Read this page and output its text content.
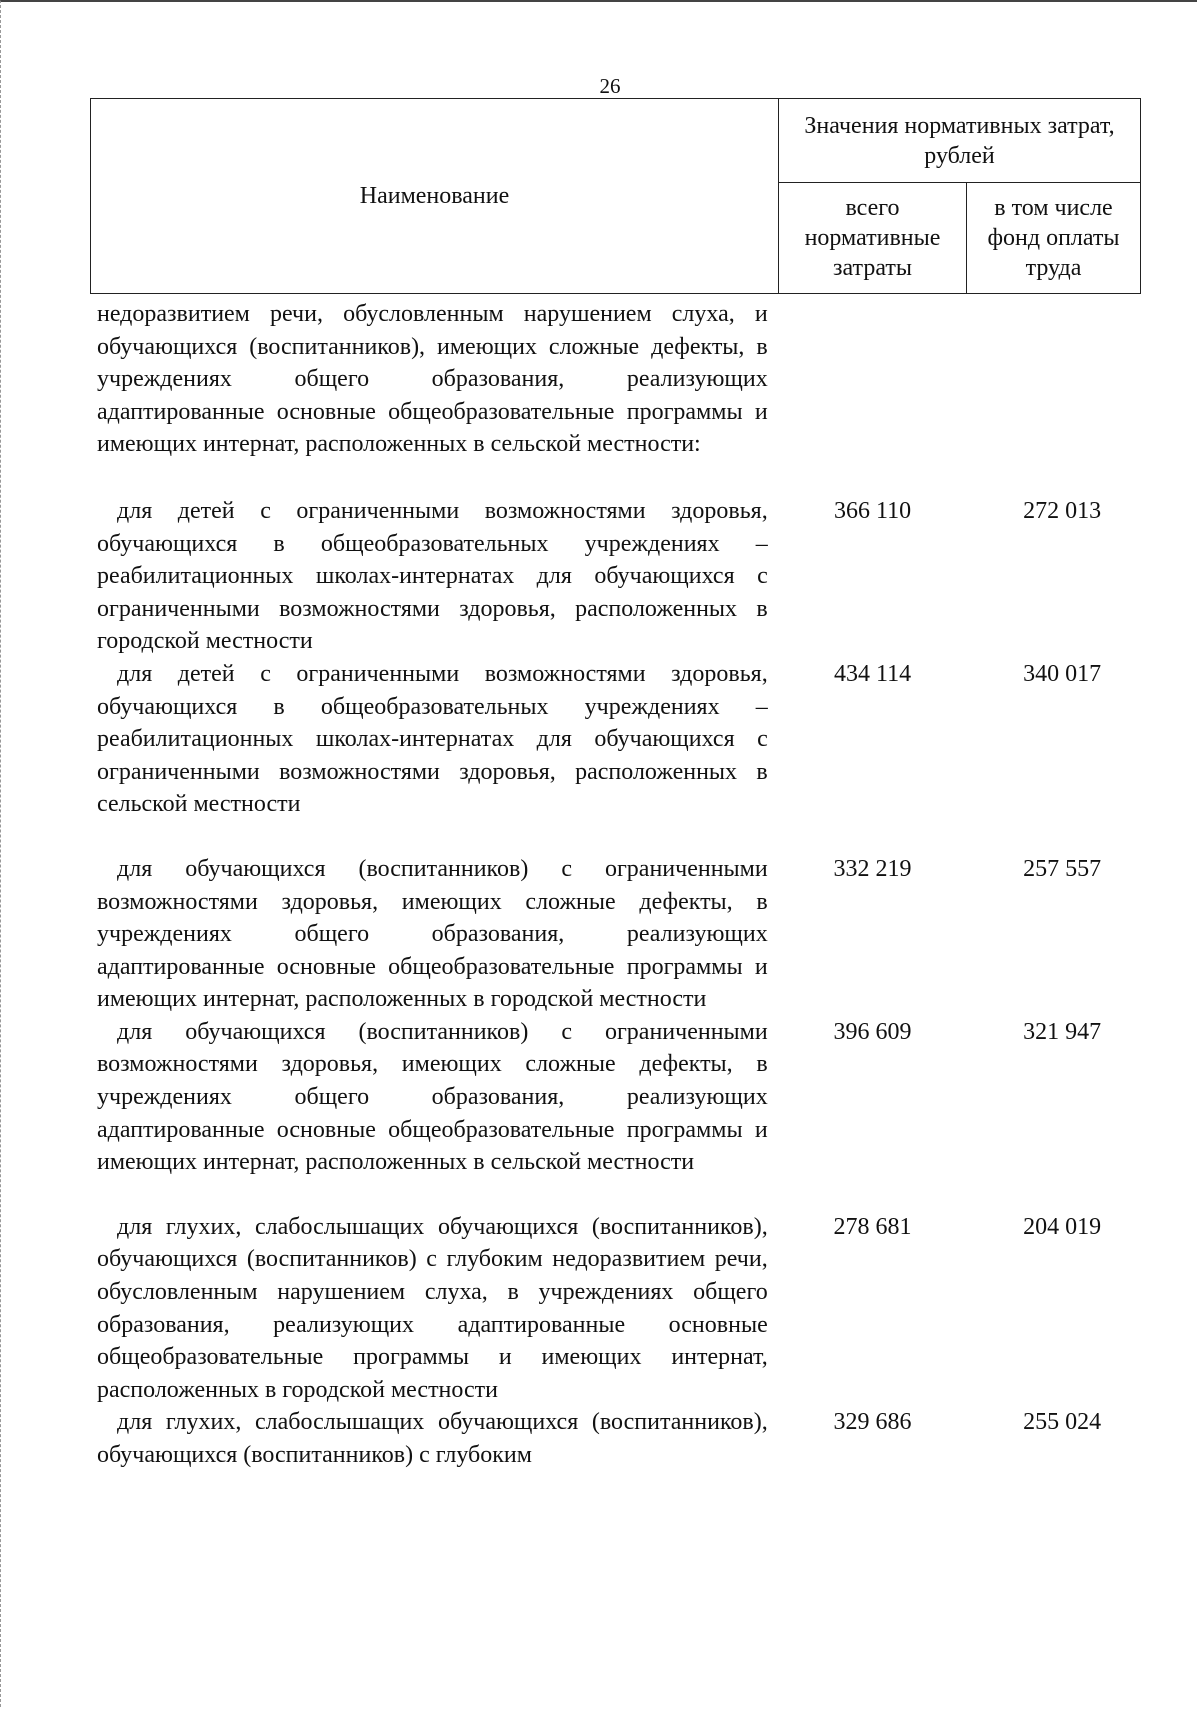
26
Наименование	Значения нормативных затрат, рублей	
	всего нормативные затраты	в том числе фонд оплаты труда
недоразвитием речи, обусловленным нарушением слуха, и обучающихся (воспитанников), имеющих сложные дефекты, в учреждениях общего образования, реализующих адаптированные основные общеобразовательные программы и имеющих интернат, расположенных в сельской местности:
для детей с ограниченными возможностями здоровья, обучающихся в общеобразовательных учреждениях – реабилитационных школах-интернатах для обучающихся с ограниченными возможностями здоровья, расположенных в городской местности
366 110	272 013
для детей с ограниченными возможностями здоровья, обучающихся в общеобразовательных учреждениях – реабилитационных школах-интернатах для обучающихся с ограниченными возможностями здоровья, расположенных в сельской местности
434 114	340 017
для обучающихся (воспитанников) с ограниченными возможностями здоровья, имеющих сложные дефекты, в учреждениях общего образования, реализующих адаптированные основные общеобразовательные программы и имеющих интернат, расположенных в городской местности
332 219	257 557
для обучающихся (воспитанников) с ограниченными возможностями здоровья, имеющих сложные дефекты, в учреждениях общего образования, реализующих адаптированные основные общеобразовательные программы и имеющих интернат, расположенных в сельской местности
396 609	321 947
для глухих, слабослышащих обучающихся (воспитанников), обучающихся (воспитанников) с глубоким недоразвитием речи, обусловленным нарушением слуха, в учреждениях общего образования, реализующих адаптированные основные общеобразовательные программы и имеющих интернат, расположенных в городской местности
278 681	204 019
для глухих, слабослышащих обучающихся (воспитанников), обучающихся (воспитанников) с глубоким
329 686	255 024
